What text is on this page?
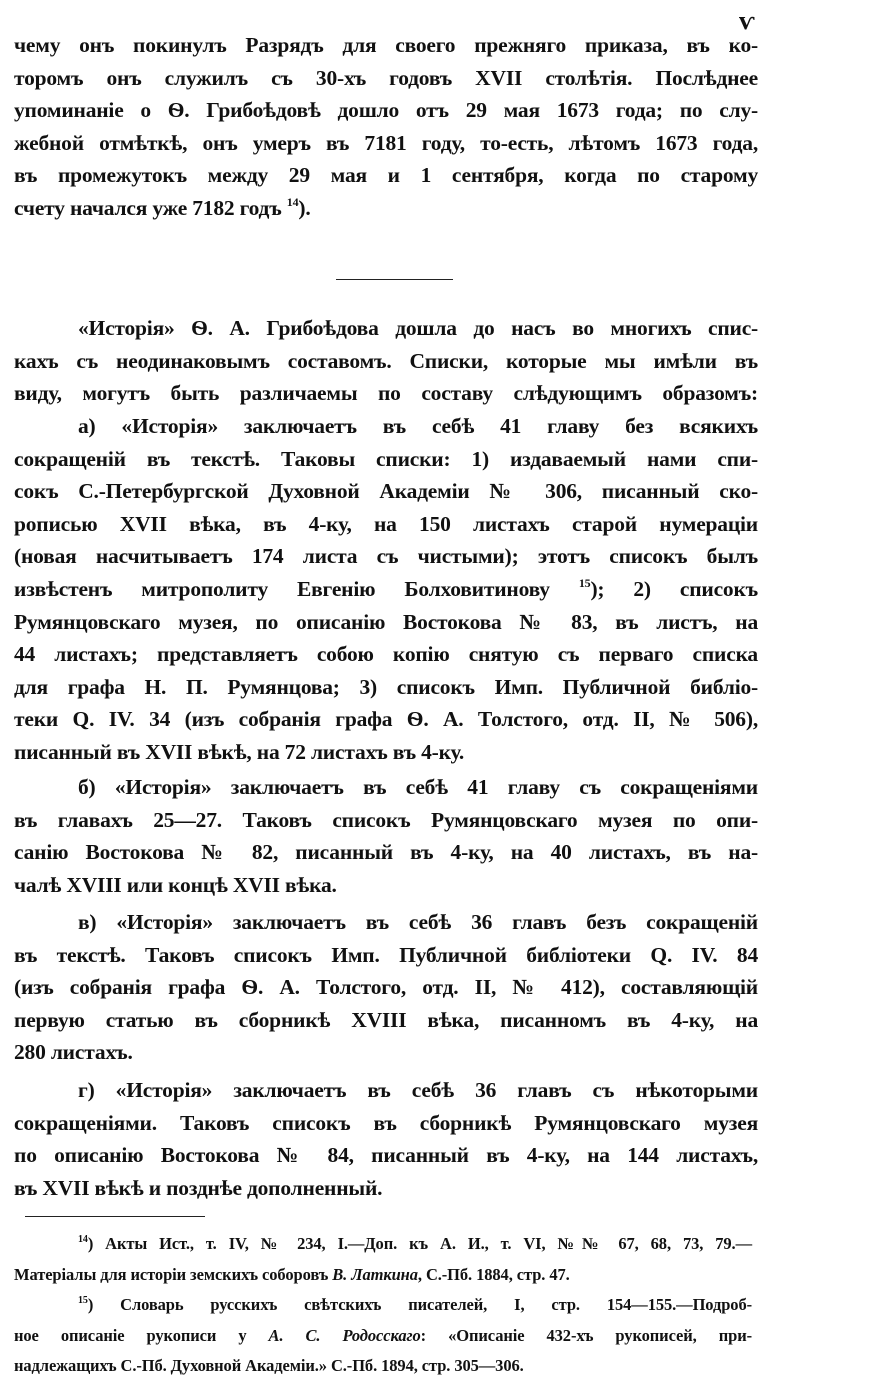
ѵ
чему онъ покинулъ Разрядъ для своего прежняго приказа, въ ко-
торомъ онъ служилъ съ 30-хъ годовъ XVII столѣтія. Послѣднее
упоминаніе о Ѳ. Грибоѣдовѣ дошло отъ 29 мая 1673 года; по слу-
жебной отмѣткѣ, онъ умеръ въ 7181 году, то-есть, лѣтомъ 1673 года,
въ промежутокъ между 29 мая и 1 сентября, когда по старому
счету начался уже 7182 годъ $^{14}$).
«Исторія» Ѳ. А. Грибоѣдова дошла до насъ во многихъ спис-
кахъ съ неодинаковымъ составомъ. Списки, которые мы имѣли въ
виду, могутъ быть различаемы по составу слѣдующимъ образомъ:
а) «Исторія» заключаетъ въ себѣ 41 главу без всякихъ
сокращеній въ текстѣ. Таковы списки: 1) издаваемый нами спи-
сокъ С.-Петербургской Духовной Академіи № 306, писанный ско-
рописью XVII вѣка, въ 4-ку, на 150 листахъ старой нумераціи
(новая насчитываетъ 174 листа съ чистыми); этотъ списокъ былъ
извѣстенъ митрополиту Евгенію Болховитинову $^{15}$); 2) списокъ
Румянцовскаго музея, по описанію Востокова № 83, въ листъ, на
44 листахъ; представляетъ собою копію снятую съ перваго списка
для графа Н. П. Румянцова; 3) списокъ Имп. Публичной библіо-
теки Q. IV. 34 (изъ собранія графа Ѳ. А. Толстого, отд. II, № 506),
писанный въ XVII вѣкѣ, на 72 листахъ въ 4-ку.
б) «Исторія» заключаетъ въ себѣ 41 главу съ сокращеніями
въ главахъ 25—27. Таковъ списокъ Румянцовскаго музея по опи-
санію Востокова № 82, писанный въ 4-ку, на 40 листахъ, въ на-
чалѣ XVIII или концѣ XVII вѣка.
в) «Исторія» заключаетъ въ себѣ 36 главъ безъ сокращеній
въ текстѣ. Таковъ списокъ Имп. Публичной библіотеки Q. IV. 84
(изъ собранія графа Ѳ. А. Толстого, отд. II, № 412), составляющій
первую статью въ сборникѣ XVIII вѣка, писанномъ въ 4-ку, на
280 листахъ.
г) «Исторія» заключаетъ въ себѣ 36 главъ съ нѣкоторыми
сокращеніями. Таковъ списокъ въ сборникѣ Румянцовскаго музея
по описанію Востокова № 84, писанный въ 4-ку, на 144 листахъ,
въ XVII вѣкѣ и позднѣе дополненный.
$^{14}$) Акты Ист., т. IV, № 234, I.—Доп. къ А. И., т. VI, №№ 67, 68, 73, 79.—
Матеріалы для исторіи земскихъ соборовъ В. Латкина, С.-Пб. 1884, стр. 47.
$^{15}$) Словарь русскихъ свѣтскихъ писателей, I, стр. 154—155.—Подроб-
ное описаніе рукописи у А. С. Родосскаго: «Описаніе 432-хъ рукописей, при-
надлежащихъ С.-Пб. Духовной Академіи.» С.-Пб. 1894, стр. 305—306.
